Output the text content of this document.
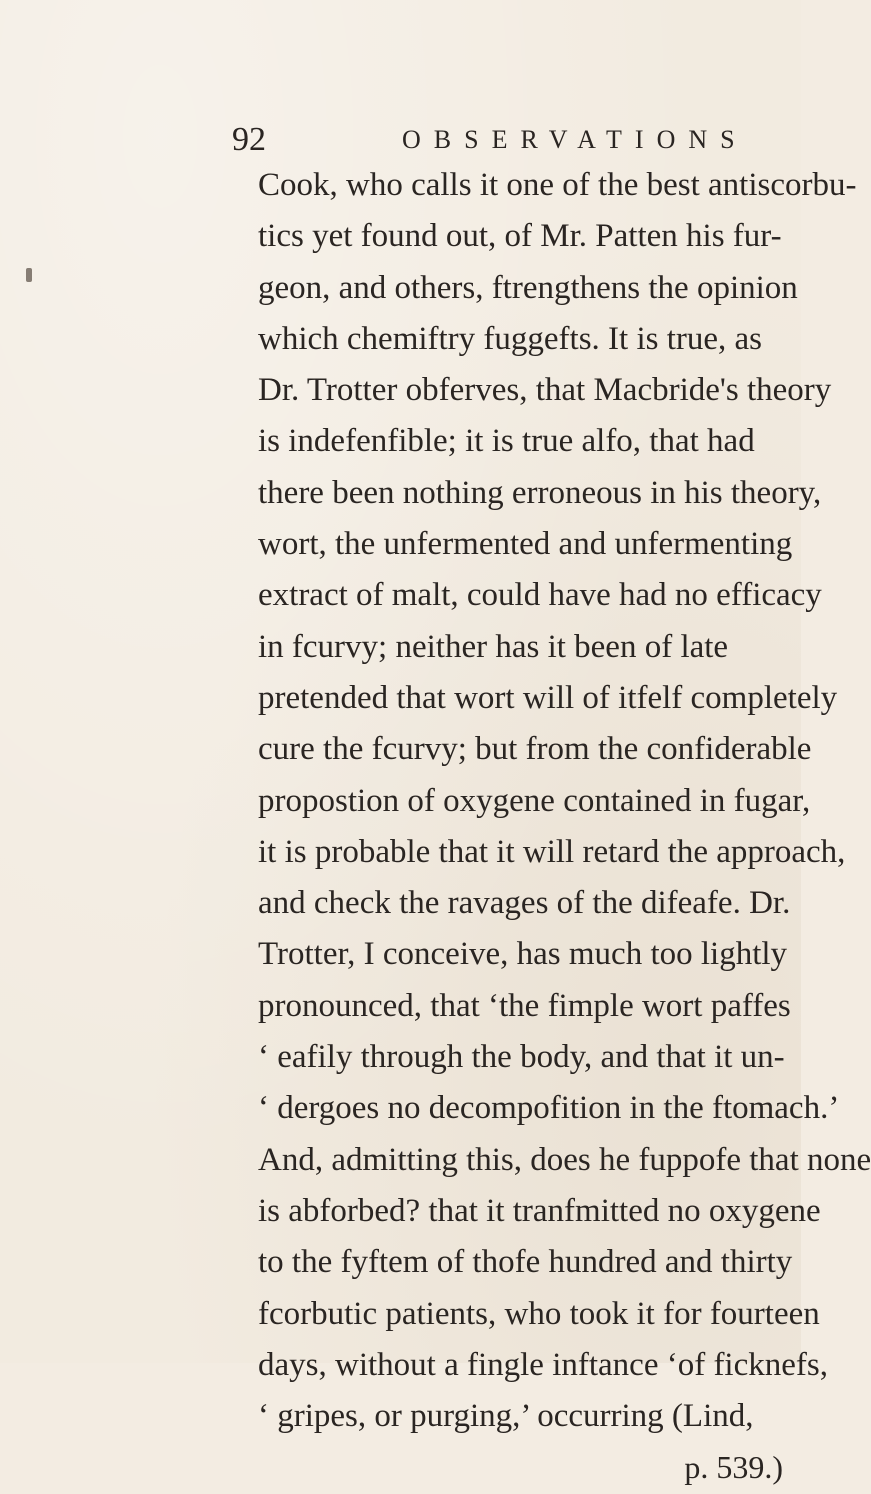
92	OBSERVATIONS
Cook, who calls it one of the best antiscorbu-
tics yet found out, of Mr. Patten his fur-
geon, and others, ftrengthens the opinion
which chemiftry fuggefts. It is true, as
Dr. Trotter obferves, that Macbride's theory
is indefenfible; it is true alfo, that had
there been nothing erroneous in his theory,
wort, the unfermented and unfermenting
extract of malt, could have had no efficacy
in fcurvy; neither has it been of late
pretended that wort will of itfelf completely
cure the fcurvy; but from the confiderable
propostion of oxygene contained in fugar,
it is probable that it will retard the approach,
and check the ravages of the difeafe. Dr.
Trotter, I conceive, has much too lightly
pronounced, that ‘the fimple wort paffes
‘ eafily through the body, and that it un-
‘ dergoes no decompofition in the ftomach.’
And, admitting this, does he fuppofe that none
is abforbed? that it tranfmitted no oxygene
to the fyftem of thofe hundred and thirty
fcorbutic patients, who took it for fourteen
days, without a fingle inftance ‘of ficknefs,
‘ gripes, or purging,’ occurring (Lind,
p. 539.)
